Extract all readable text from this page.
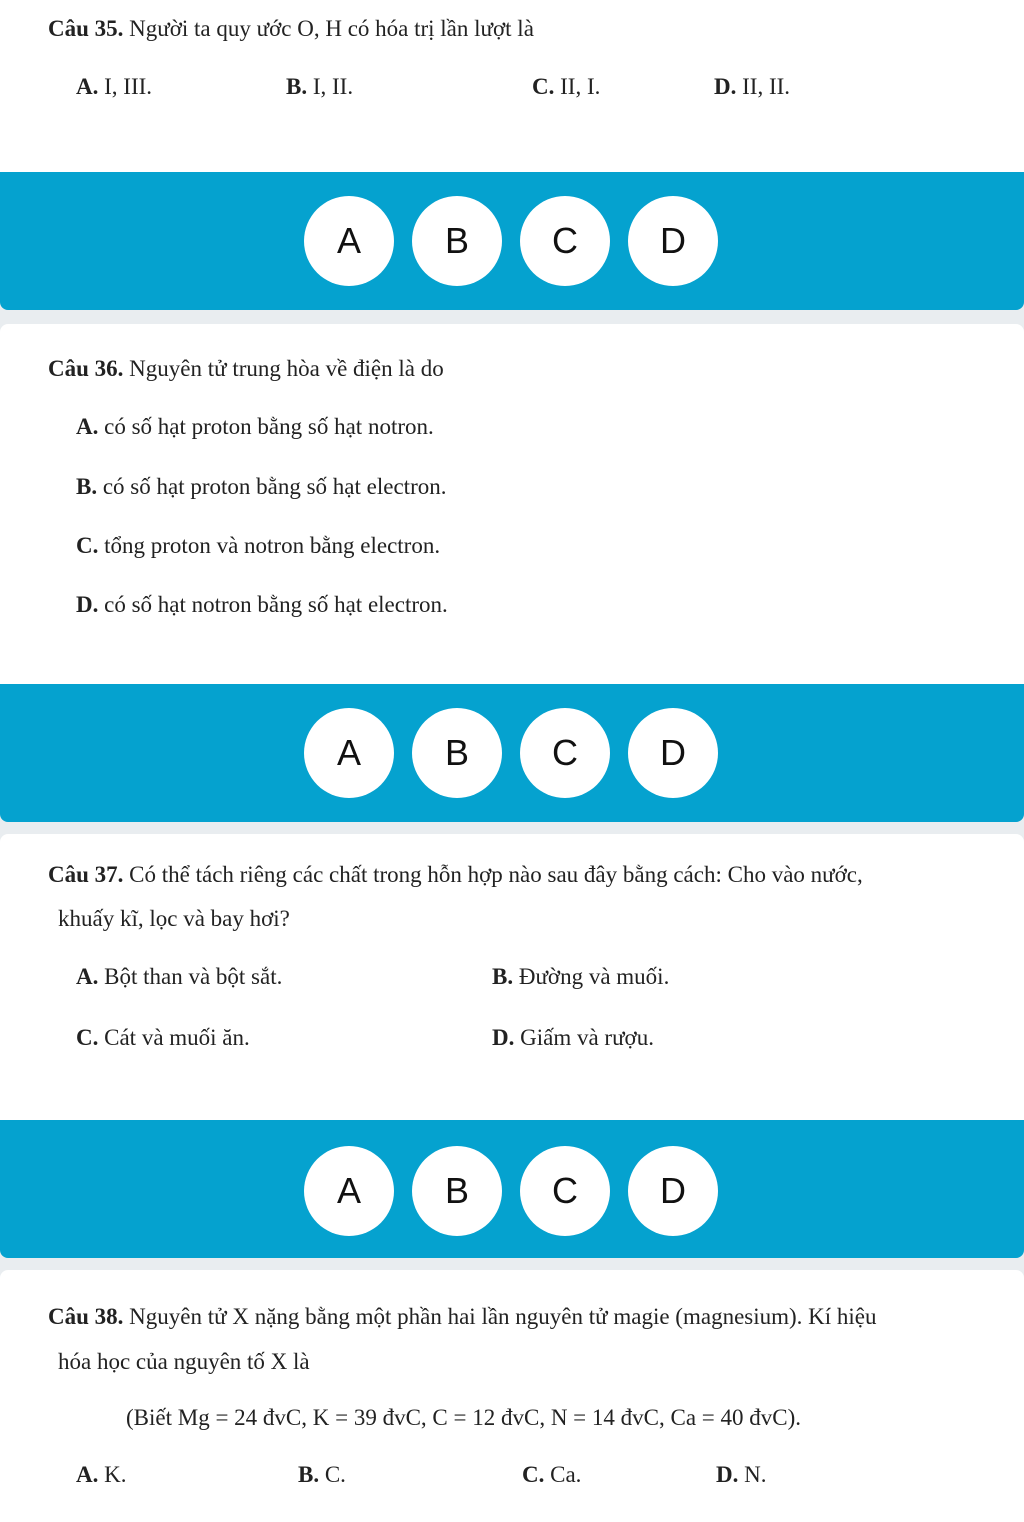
Câu 35. Người ta quy ước O, H có hóa trị lần lượt là
A. I, III.	B. I, II.	C. II, I.	D. II, II.
A	B	C	D
Câu 36. Nguyên tử trung hòa về điện là do
A. có số hạt proton bằng số hạt notron.
B. có số hạt proton bằng số hạt electron.
C. tổng proton và notron bằng electron.
D. có số hạt notron bằng số hạt electron.
A	B	C	D
Câu 37. Có thể tách riêng các chất trong hỗn hợp nào sau đây bằng cách: Cho vào nước,
khuấy kĩ, lọc và bay hơi?
A. Bột than và bột sắt.	B. Đường và muối.
C. Cát và muối ăn.	D. Giấm và rượu.
A	B	C	D
Câu 38. Nguyên tử X nặng bằng một phần hai lần nguyên tử magie (magnesium). Kí hiệu
hóa học của nguyên tố X là
(Biết Mg = 24 đvC, K = 39 đvC, C = 12 đvC, N = 14 đvC, Ca = 40 đvC).
A. K.	B. C.	C. Ca.	D. N.
